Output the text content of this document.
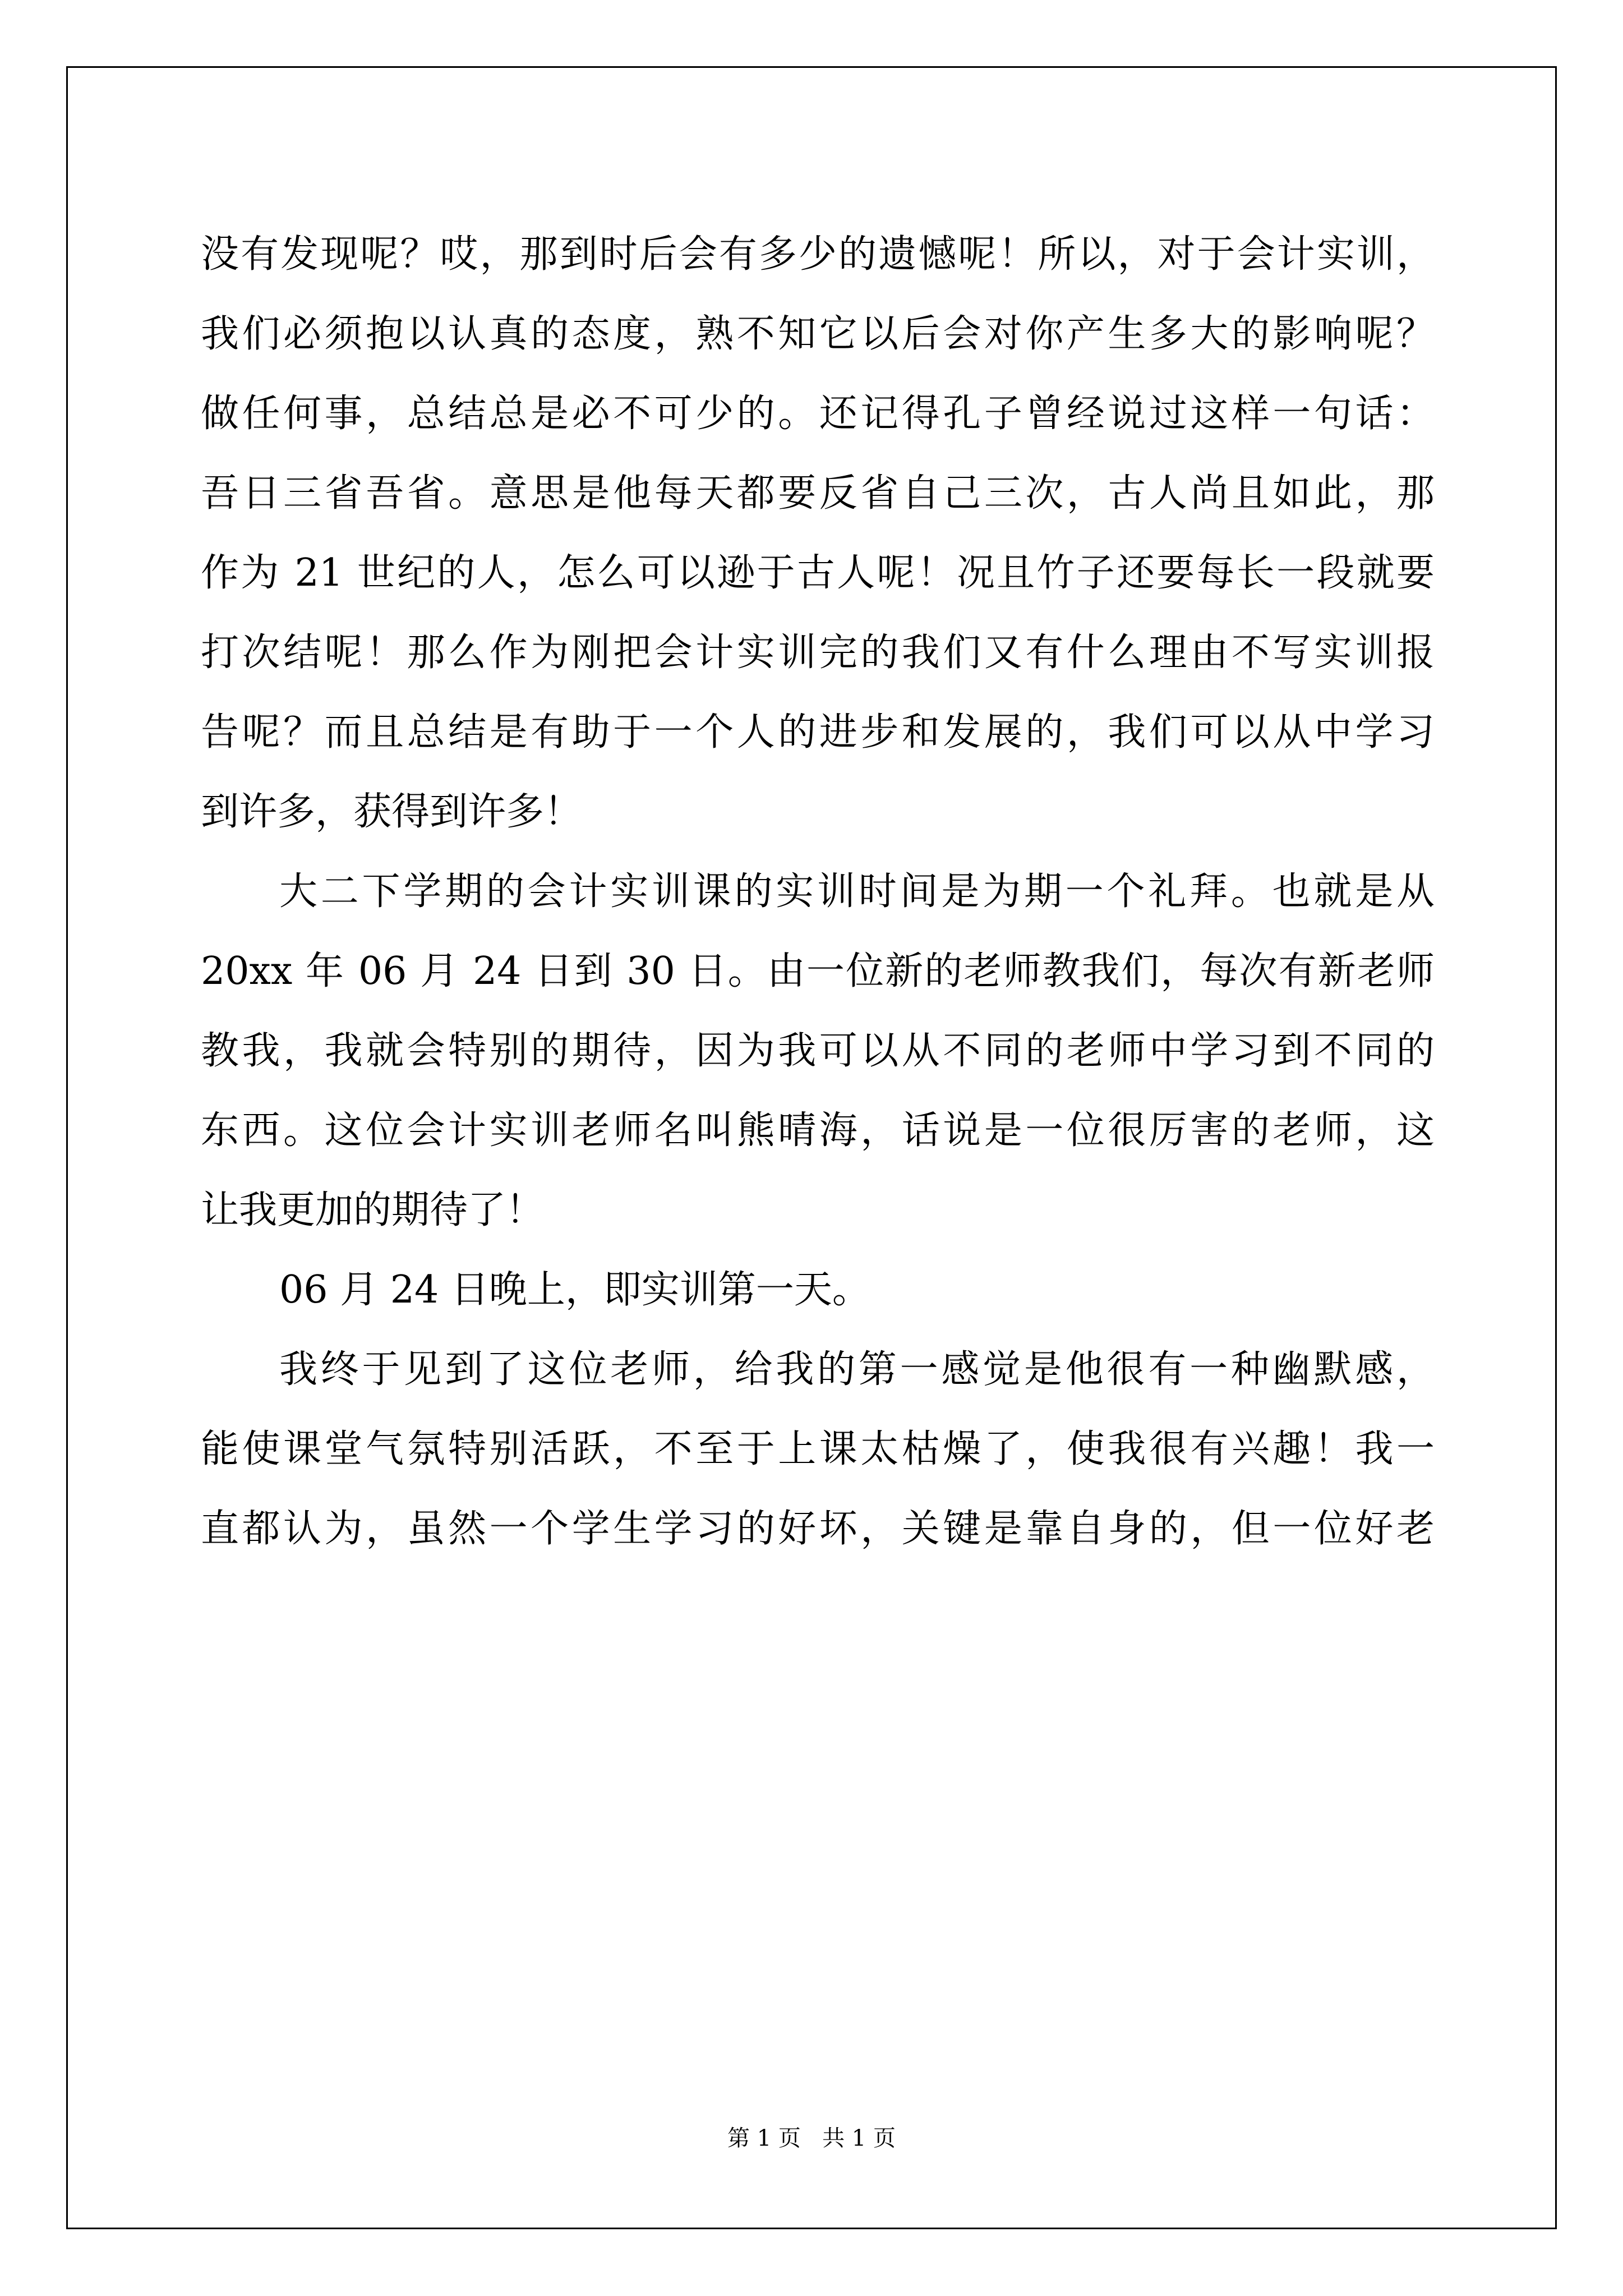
没有发现呢？哎，那到时后会有多少的遗憾呢！所以，对于会计实训，
我们必须抱以认真的态度，熟不知它以后会对你产生多大的影响呢？
做任何事，总结总是必不可少的。还记得孔子曾经说过这样一句话：
吾日三省吾省。意思是他每天都要反省自己三次，古人尚且如此，那
作为 21 世纪的人，怎么可以逊于古人呢！况且竹子还要每长一段就要
打次结呢！那么作为刚把会计实训完的我们又有什么理由不写实训报
告呢？而且总结是有助于一个人的进步和发展的，我们可以从中学习
到许多，获得到许多！
大二下学期的会计实训课的实训时间是为期一个礼拜。也就是从
20xx 年 06 月 24 日到 30 日。由一位新的老师教我们，每次有新老师
教我，我就会特别的期待，因为我可以从不同的老师中学习到不同的
东西。这位会计实训老师名叫熊晴海，话说是一位很厉害的老师，这
让我更加的期待了！
06 月 24 日晚上，即实训第一天。
我终于见到了这位老师，给我的第一感觉是他很有一种幽默感，
能使课堂气氛特别活跃，不至于上课太枯燥了，使我很有兴趣！我一
直都认为，虽然一个学生学习的好坏，关键是靠自身的，但一位好老
第 1 页   共 1 页
